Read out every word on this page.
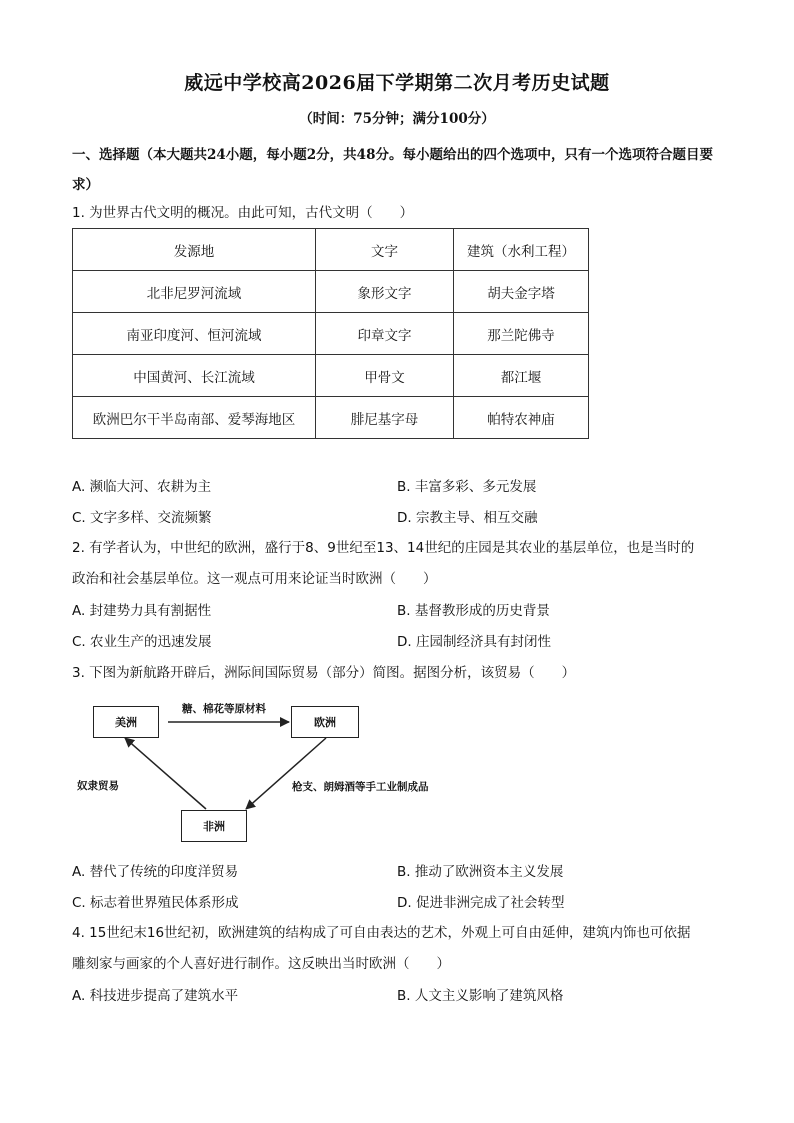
威远中学校高2026届下学期第二次月考历史试题
（时间：75分钟；满分100分）
一、选择题（本大题共24小题，每小题2分，共48分。每小题给出的四个选项中，只有一个选项符合题目要求）
1. 为世界古代文明的概况。由此可知，古代文明（　　）
发源地	文字	建筑（水利工程）
北非尼罗河流域	象形文字	胡夫金字塔
南亚印度河、恒河流域	印章文字	那兰陀佛寺
中国黄河、长江流域	甲骨文	都江堰
欧洲巴尔干半岛南部、爱琴海地区	腓尼基字母	帕特农神庙
A. 濒临大河、农耕为主	B. 丰富多彩、多元发展
C. 文字多样、交流频繁	D. 宗教主导、相互交融
2. 有学者认为，中世纪的欧洲，盛行于8、9世纪至13、14世纪的庄园是其农业的基层单位，也是当时的
政治和社会基层单位。这一观点可用来论证当时欧洲（　　）
A. 封建势力具有割据性	B. 基督教形成的历史背景
C. 农业生产的迅速发展	D. 庄园制经济具有封闭性
3. 下图为新航路开辟后，洲际间国际贸易（部分）简图。据图分析，该贸易（　　）
美洲	欧洲
非洲
糖、棉花等原材料
奴隶贸易	枪支、朗姆酒等手工业制成品
A. 替代了传统的印度洋贸易	B. 推动了欧洲资本主义发展
C. 标志着世界殖民体系形成	D. 促进非洲完成了社会转型
4. 15世纪末16世纪初，欧洲建筑的结构成了可自由表达的艺术，外观上可自由延伸，建筑内饰也可依据
雕刻家与画家的个人喜好进行制作。这反映出当时欧洲（　　）
A. 科技进步提高了建筑水平	B. 人文主义影响了建筑风格
